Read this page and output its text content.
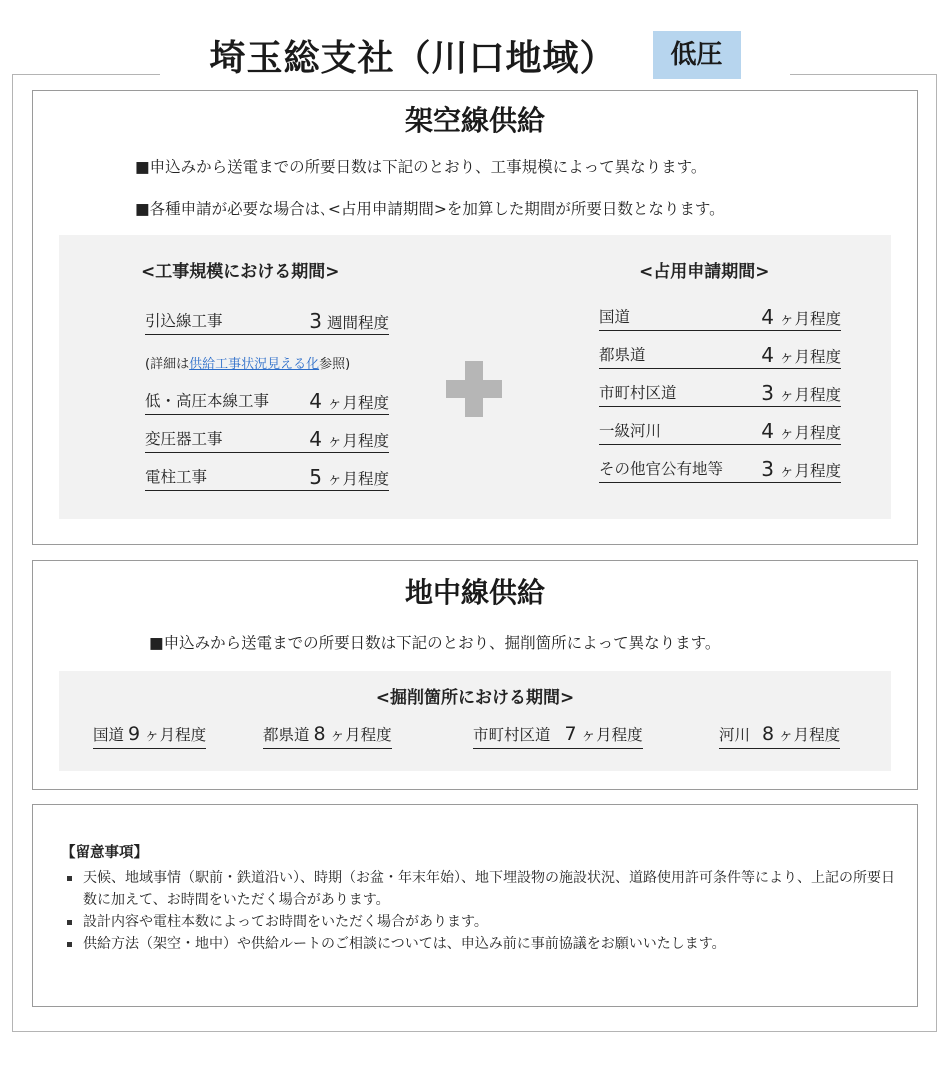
埼玉総支社（川口地域）	低圧
架空線供給
■申込みから送電までの所要日数は下記のとおり、工事規模によって異なります。
■各種申請が必要な場合は､<占用申請期間>を加算した期間が所要日数となります。
<工事規模における期間>	<占用申請期間>
引込線工事	3 週間程度
(詳細は供給工事状況見える化参照)
低・高圧本線工事 4 ヶ月程度
変圧器工事	4 ヶ月程度
電柱工事	5 ヶ月程度
国道	4 ヶ月程度
都県道	4 ヶ月程度
市町村区道	3 ヶ月程度
一級河川	4 ヶ月程度
その他官公有地等 3 ヶ月程度
地中線供給
■申込みから送電までの所要日数は下記のとおり、掘削箇所によって異なります。
<掘削箇所における期間>
国道 9 ヶ月程度	都県道 8 ヶ月程度	市町村区道 7 ヶ月程度	河川 8 ヶ月程度
【留意事項】
天候、地域事情（駅前・鉄道沿い）、時期（お盆・年末年始）、地下埋設物の施設状況、道路使用許可条件等により、上記の所要日数に加えて、お時間をいただく場合があります。
設計内容や電柱本数によってお時間をいただく場合があります。
供給方法（架空・地中）や供給ルートのご相談については、申込み前に事前協議をお願いいたします。
